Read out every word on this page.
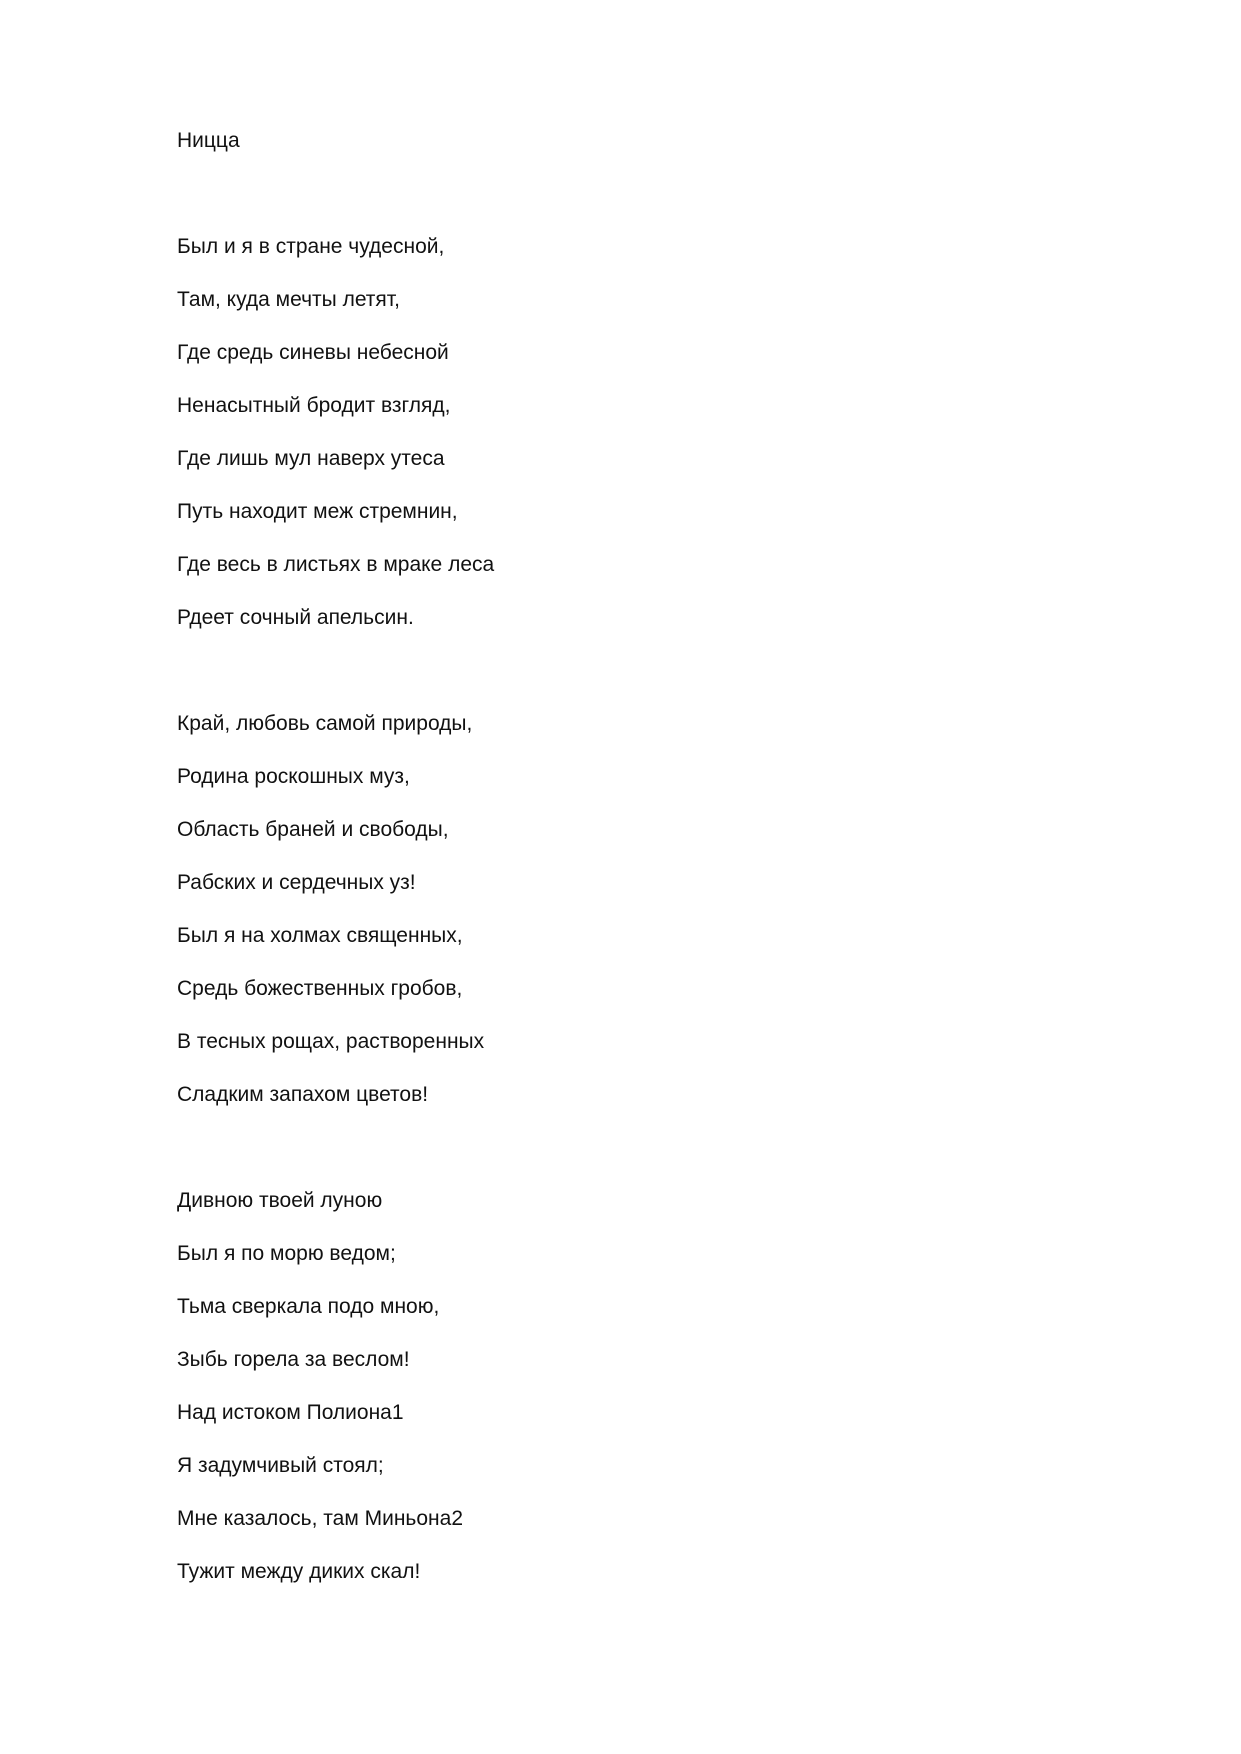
Ницца
Был и я в стране чудесной,
Там, куда мечты летят,
Где средь синевы небесной
Ненасытный бродит взгляд,
Где лишь мул наверх утеса
Путь находит меж стремнин,
Где весь в листьях в мраке леса
Рдеет сочный апельсин.
Край, любовь самой природы,
Родина роскошных муз,
Область браней и свободы,
Рабских и сердечных уз!
Был я на холмах священных,
Средь божественных гробов,
В тесных рощах, растворенных
Сладким запахом цветов!
Дивною твоей луною
Был я по морю ведом;
Тьма сверкала подо мною,
Зыбь горела за веслом!
Над истоком Полиона1
Я задумчивый стоял;
Мне казалось, там Миньона2
Тужит между диких скал!
